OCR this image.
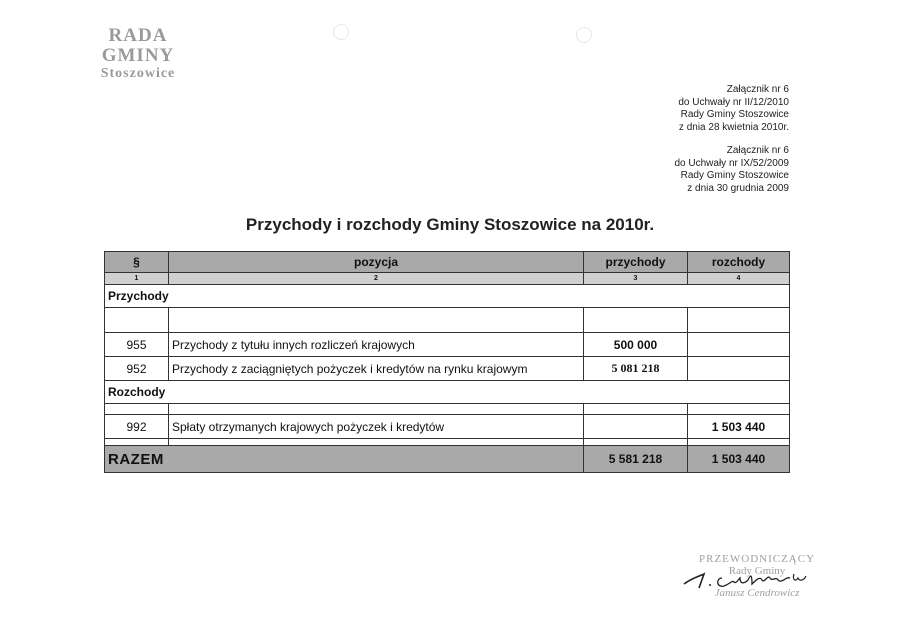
RADA GMINY
Stoszowice
Załącznik nr 6
do Uchwały nr II/12/2010
Rady Gminy Stoszowice
z dnia 28 kwietnia 2010r.
Załącznik nr 6
do Uchwały nr IX/52/2009
Rady Gminy Stoszowice
z dnia 30 grudnia 2009
Przychody i rozchody Gminy Stoszowice na 2010r.
§	pozycja	przychody	rozchody
1	2	3	4
Przychody			

955	Przychody z tytułu innych rozliczeń krajowych	500 000	
952	Przychody z zaciągniętych pożyczek i kredytów na rynku krajowym	5 081 218	
Rozchody			

992	Spłaty otrzymanych krajowych pożyczek i kredytów		1 503 440

RAZEM		5 581 218	1 503 440
PRZEWODNICZĄCY
Rady Gminy
Janusz Cendrowicz
